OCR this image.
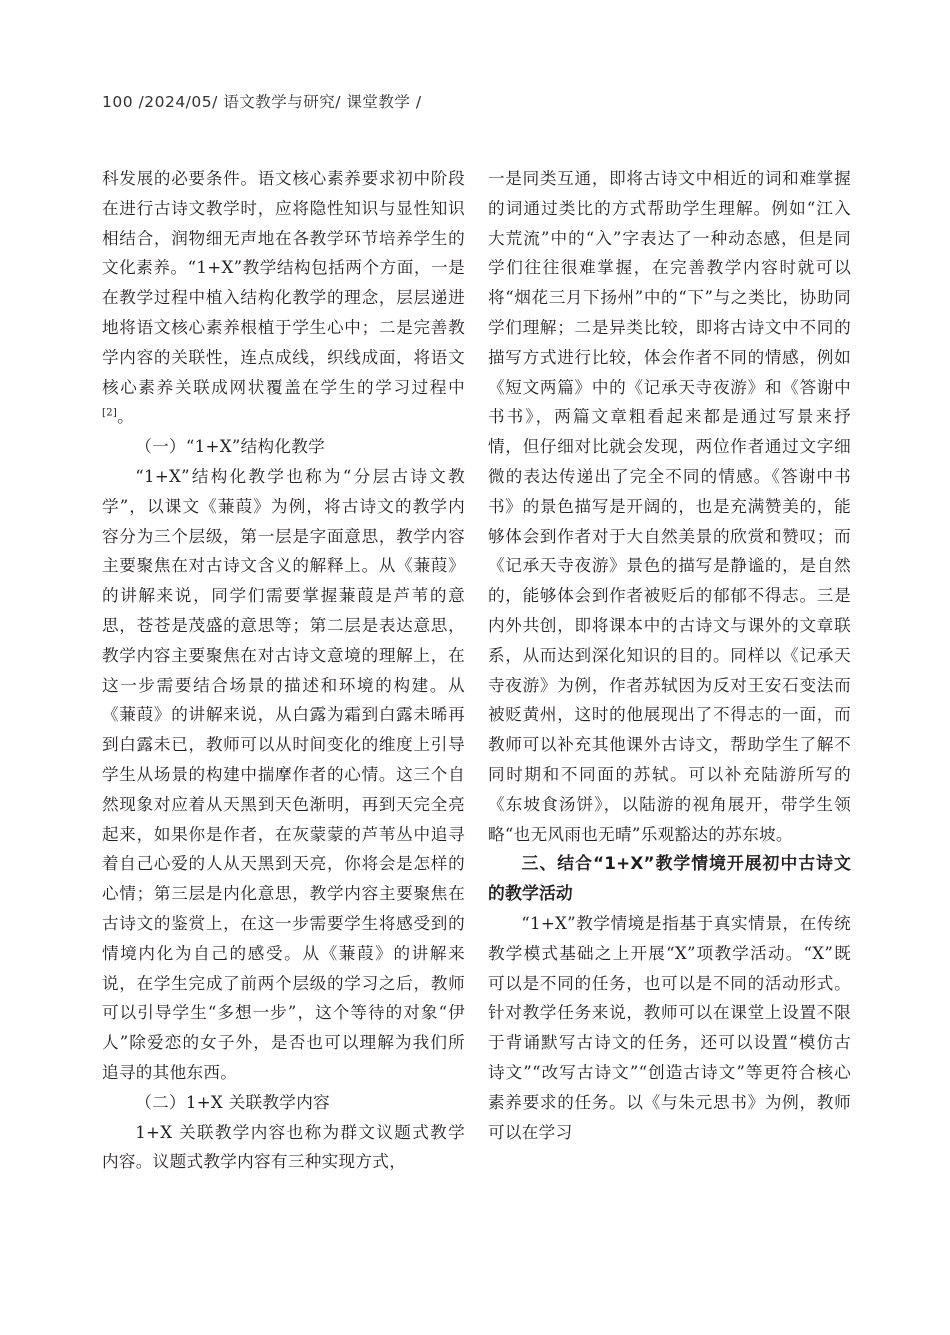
100 /2024/05/ 语文教学与研究/ 课堂教学 /

科发展的必要条件。语文核心素养要求初中阶段在进行古诗文教学时，应将隐性知识与显性知识相结合，润物细无声地在各教学环节培养学生的文化素养。“1+X”教学结构包括两个方面，一是在教学过程中植入结构化教学的理念，层层递进地将语文核心素养根植于学生心中；二是完善教学内容的关联性，连点成线，织线成面，将语文核心素养关联成网状覆盖在学生的学习过程中[2]。

（一）“1+X”结构化教学

“1+X”结构化教学也称为“分层古诗文教学”，以课文《蒹葭》为例，将古诗文的教学内容分为三个层级，第一层是字面意思，教学内容主要聚焦在对古诗文含义的解释上。从《蒹葭》的讲解来说，同学们需要掌握蒹葭是芦苇的意思，苍苍是茂盛的意思等；第二层是表达意思，教学内容主要聚焦在对古诗文意境的理解上，在这一步需要结合场景的描述和环境的构建。从《蒹葭》的讲解来说，从白露为霜到白露未晞再到白露未已，教师可以从时间变化的维度上引导学生从场景的构建中揣摩作者的心情。这三个自然现象对应着从天黑到天色渐明，再到天完全亮起来，如果你是作者，在灰蒙蒙的芦苇丛中追寻着自己心爱的人从天黑到天亮，你将会是怎样的心情；第三层是内化意思，教学内容主要聚焦在古诗文的鉴赏上，在这一步需要学生将感受到的情境内化为自己的感受。从《蒹葭》的讲解来说，在学生完成了前两个层级的学习之后，教师可以引导学生“多想一步”，这个等待的对象“伊人”除爱恋的女子外，是否也可以理解为我们所追寻的其他东西。

（二）1+X 关联教学内容

1+X 关联教学内容也称为群文议题式教学内容。议题式教学内容有三种实现方式，

一是同类互通，即将古诗文中相近的词和难掌握的词通过类比的方式帮助学生理解。例如“江入大荒流”中的“入”字表达了一种动态感，但是同学们往往很难掌握，在完善教学内容时就可以将“烟花三月下扬州”中的“下”与之类比，协助同学们理解；二是异类比较，即将古诗文中不同的描写方式进行比较，体会作者不同的情感，例如《短文两篇》中的《记承天寺夜游》和《答谢中书书》，两篇文章粗看起来都是通过写景来抒情，但仔细对比就会发现，两位作者通过文字细微的表达传递出了完全不同的情感。《答谢中书书》的景色描写是开阔的，也是充满赞美的，能够体会到作者对于大自然美景的欣赏和赞叹；而《记承天寺夜游》景色的描写是静谧的，是自然的，能够体会到作者被贬后的郁郁不得志。三是内外共创，即将课本中的古诗文与课外的文章联系，从而达到深化知识的目的。同样以《记承天寺夜游》为例，作者苏轼因为反对王安石变法而被贬黄州，这时的他展现出了不得志的一面，而教师可以补充其他课外古诗文，帮助学生了解不同时期和不同面的苏轼。可以补充陆游所写的《东坡食汤饼》，以陆游的视角展开，带学生领略“也无风雨也无晴”乐观豁达的苏东坡。

三、结合“1+X”教学情境开展初中古诗文的教学活动

“1+X”教学情境是指基于真实情景，在传统教学模式基础之上开展“X”项教学活动。“X”既可以是不同的任务，也可以是不同的活动形式。针对教学任务来说，教师可以在课堂上设置不限于背诵默写古诗文的任务，还可以设置“模仿古诗文”“改写古诗文”“创造古诗文”等更符合核心素养要求的任务。以《与朱元思书》为例，教师可以在学习
